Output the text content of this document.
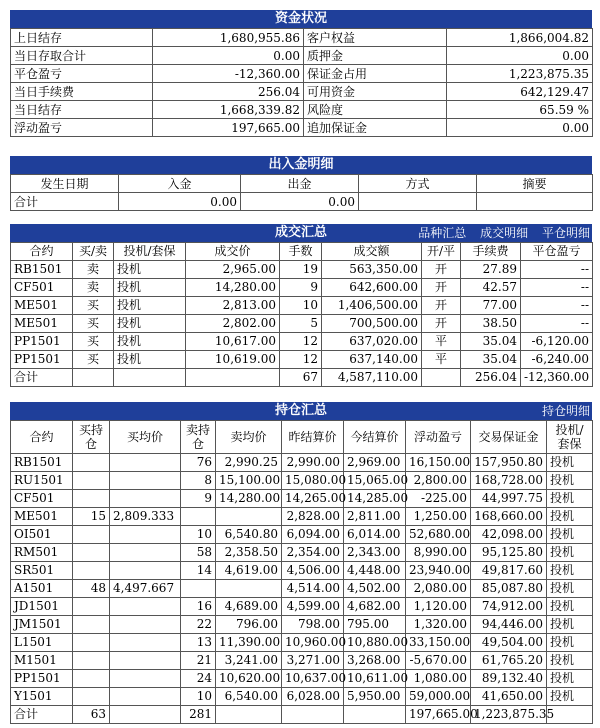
资金状况
上日结存	1,680,955.86	客户权益	1,866,004.82
当日存取合计	0.00	质押金	0.00
平仓盈亏	-12,360.00	保证金占用	1,223,875.35
当日手续费	256.04	可用资金	642,129.47
当日结存	1,668,339.82	风险度	65.59 %
浮动盈亏	197,665.00	追加保证金	0.00
出入金明细
发生日期	入金	出金	方式	摘要
合计	0.00	0.00		
成交汇总	品种汇总 成交明细 平仓明细
合约	买/卖	投机/套保	成交价	手数	成交额	开/平	手续费	平仓盈亏
RB1501	卖	投机	2,965.00	19	563,350.00	开	27.89	--
CF501	卖	投机	14,280.00	9	642,600.00	开	42.57	--
ME501	买	投机	2,813.00	10	1,406,500.00	开	77.00	--
ME501	买	投机	2,802.00	5	700,500.00	开	38.50	--
PP1501	买	投机	10,617.00	12	637,020.00	平	35.04	-6,120.00
PP1501	买	投机	10,619.00	12	637,140.00	平	35.04	-6,240.00
合计				67	4,587,110.00		256.04	-12,360.00
持仓汇总	持仓明细
合约	买持仓	买均价	卖持仓	卖均价	昨结算价	今结算价	浮动盈亏	交易保证金	投机/套保
RB1501			76	2,990.25	2,990.00	2,969.00	16,150.00	157,950.80	投机
RU1501			8	15,100.00	15,080.00	15,065.00	2,800.00	168,728.00	投机
CF501			9	14,280.00	14,265.00	14,285.00	-225.00	44,997.75	投机
ME501	15	2,809.333			2,828.00	2,811.00	1,250.00	168,660.00	投机
OI501			10	6,540.80	6,094.00	6,014.00	52,680.00	42,098.00	投机
RM501			58	2,358.50	2,354.00	2,343.00	8,990.00	95,125.80	投机
SR501			14	4,619.00	4,506.00	4,448.00	23,940.00	49,817.60	投机
A1501	48	4,497.667			4,514.00	4,502.00	2,080.00	85,087.80	投机
JD1501			16	4,689.00	4,599.00	4,682.00	1,120.00	74,912.00	投机
JM1501			22	796.00	798.00	795.00	1,320.00	94,446.00	投机
L1501			13	11,390.00	10,960.00	10,880.00	33,150.00	49,504.00	投机
M1501			21	3,241.00	3,271.00	3,268.00	-5,670.00	61,765.20	投机
PP1501			24	10,620.00	10,637.00	10,611.00	1,080.00	89,132.40	投机
Y1501			10	6,540.00	6,028.00	5,950.00	59,000.00	41,650.00	投机
合计	63		281				197,665.00	1,223,875.35	
